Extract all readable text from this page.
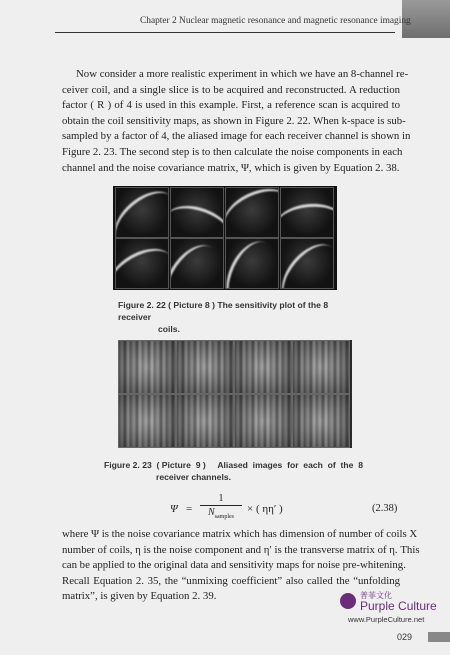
Chapter 2 Nuclear magnetic resonance and magnetic resonance imaging
Now consider a more realistic experiment in which we have an 8-channel re-
ceiver coil, and a single slice is to be acquired and reconstructed. A reduction
factor ( R ) of 4 is used in this example. First, a reference scan is acquired to
obtain the coil sensitivity maps, as shown in Figure 2. 22. When k-space is sub-
sampled by a factor of 4, the aliased image for each receiver channel is shown in
Figure 2. 23. The second step is to then calculate the noise components in each
channel and the noise covariance matrix, Ψ, which is given by Equation 2. 38.
Figure 2. 22 ( Picture 8 ) The sensitivity plot of the 8 receiver
coils.
Figure 2. 23  ( Picture  9 )     Aliased  images  for  each  of  the  8
receiver channels.
Ψ =
1
$N_{samples}$
× ( ηη′ )	(2.38)
where Ψ is the noise covariance matrix which has dimension of number of coils X
number of coils, η is the noise component and η′ is the transverse matrix of η. This
can be applied to the original data and sensitivity maps for noise pre-whitening.
Recall Equation 2. 35, the “unmixing coefficient” also called the “unfolding
matrix”, is given by Equation 2. 39.	普菲文化
Purple Culture
www.PurpleCulture.net
029
